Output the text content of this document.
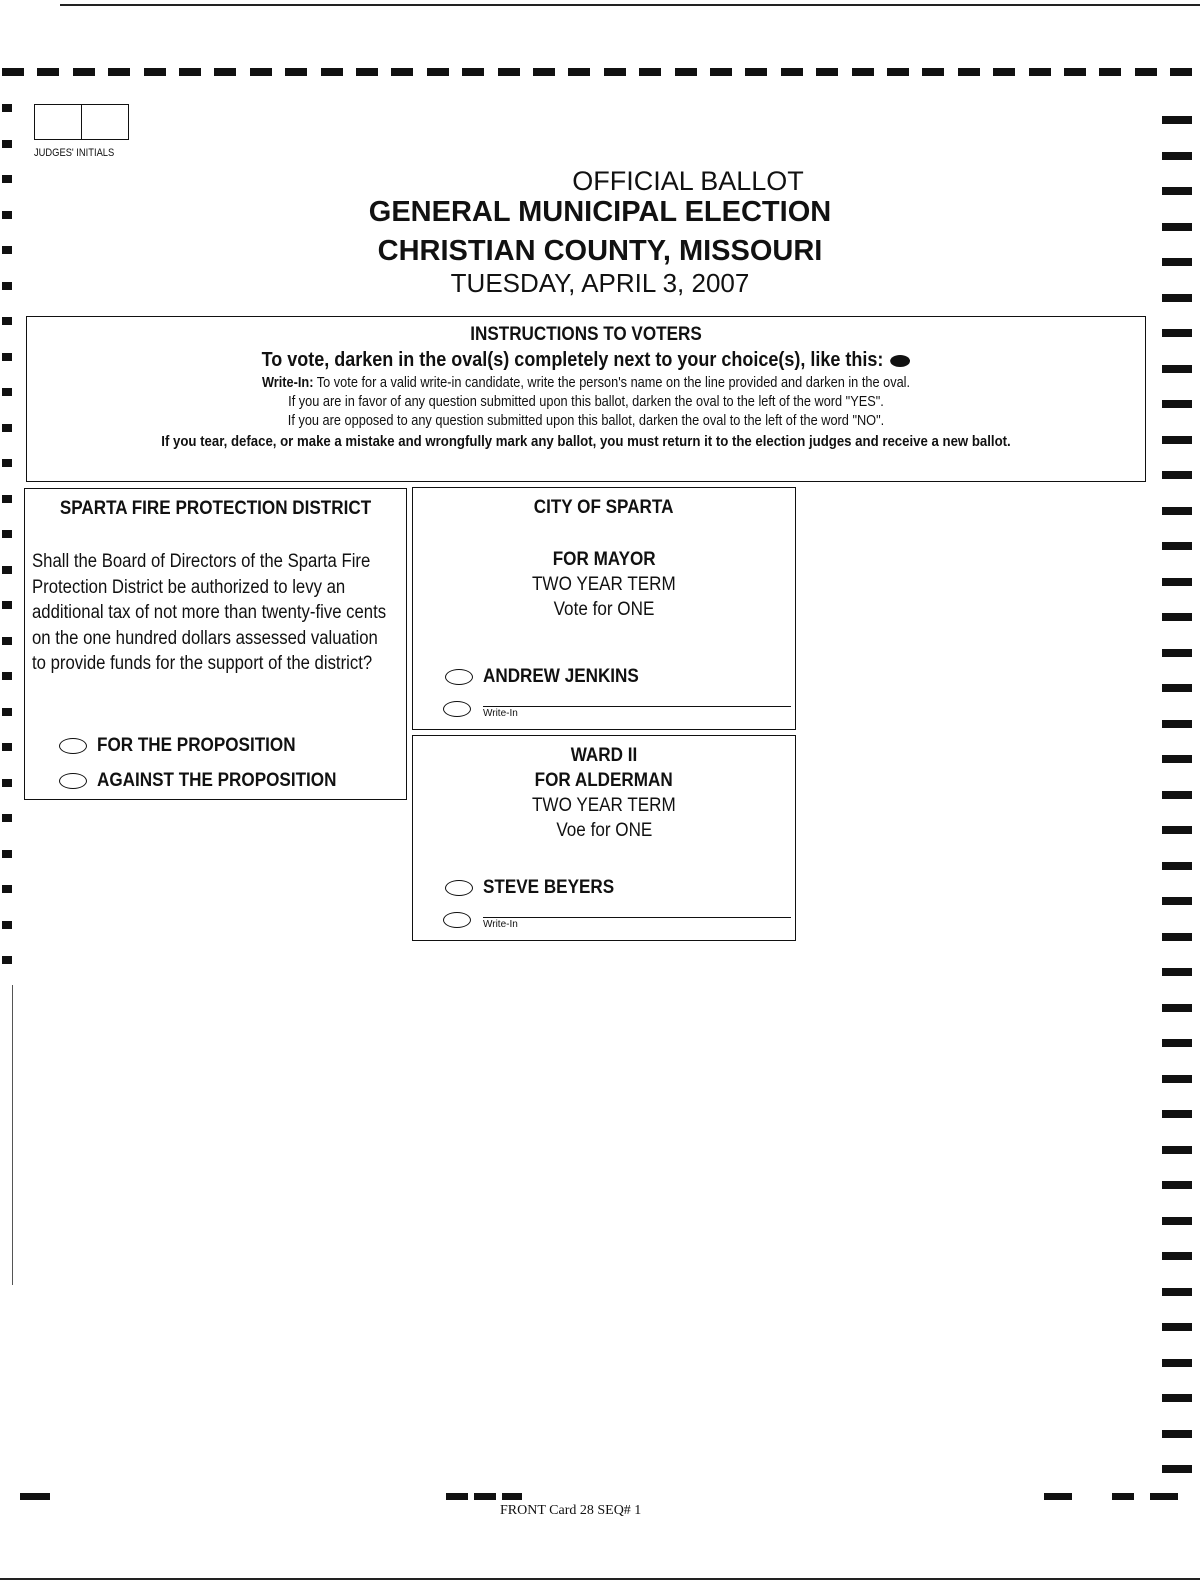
JUDGES' INITIALS
OFFICIAL BALLOT
GENERAL MUNICIPAL ELECTION
CHRISTIAN COUNTY, MISSOURI
TUESDAY, APRIL 3, 2007
INSTRUCTIONS TO VOTERS
To vote, darken in the oval(s) completely next to your choice(s), like this:
Write-In: To vote for a valid write-in candidate, write the person's name on the line provided and darken in the oval.
If you are in favor of any question submitted upon this ballot, darken the oval to the left of the word "YES".
If you are opposed to any question submitted upon this ballot, darken the oval to the left of the word "NO".
If you tear, deface, or make a mistake and wrongfully mark any ballot, you must return it to the election judges and receive a new ballot.
SPARTA FIRE PROTECTION DISTRICT
Shall the Board of Directors of the Sparta Fire Protection District be authorized to levy an additional tax of not more than twenty-five cents on the one hundred dollars assessed valuation to provide funds for the support of the district?
FOR THE PROPOSITION
AGAINST THE PROPOSITION
CITY OF SPARTA
FOR MAYOR
TWO YEAR TERM
Vote for ONE
ANDREW JENKINS
Write-In
WARD II
FOR ALDERMAN
TWO YEAR TERM
Voe for ONE
STEVE BEYERS
Write-In
FRONT Card 28 SEQ# 1
